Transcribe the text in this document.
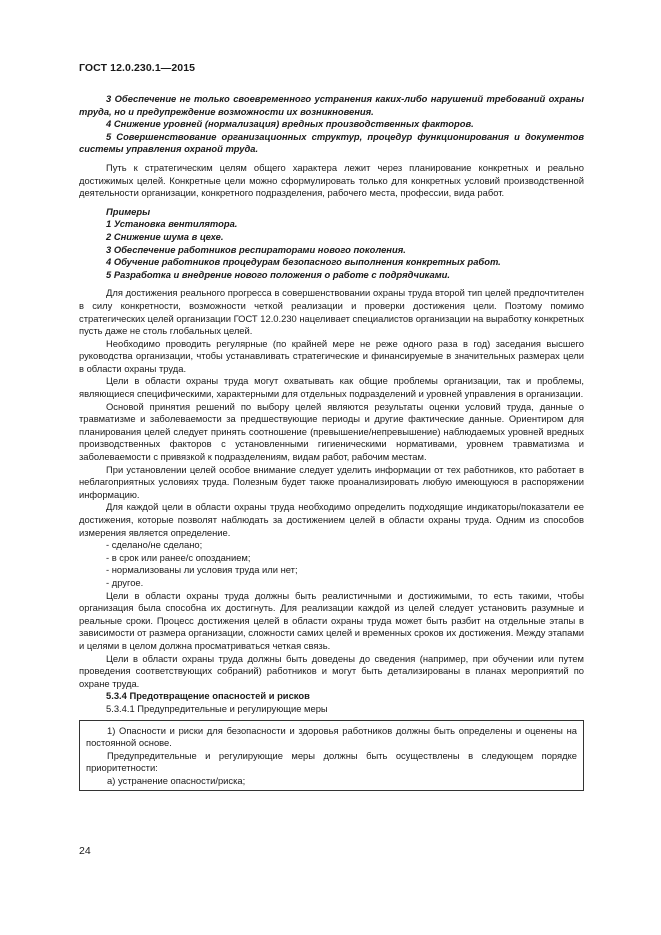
ГОСТ 12.0.230.1—2015

3 Обеспечение не только своевременного устранения каких-либо нарушений требований охраны труда, но и предупреждение возможности их возникновения.

4 Снижение уровней (нормализация) вредных производственных факторов.

5 Совершенствование организационных структур, процедур функционирования и документов системы управления охраной труда.

Путь к стратегическим целям общего характера лежит через планирование конкретных и реально достижимых целей. Конкретные цели можно сформулировать только для конкретных условий производственной деятельности организации, конкретного подразделения, рабочего места, профессии, вида работ.

Примеры

1 Установка вентилятора.

2 Снижение шума в цехе.

3 Обеспечение работников респираторами нового поколения.

4 Обучение работников процедурам безопасного выполнения конкретных работ.

5 Разработка и внедрение нового положения о работе с подрядчиками.

Для достижения реального прогресса в совершенствовании охраны труда второй тип целей предпочтителен в силу конкретности, возможности четкой реализации и проверки достижения цели. Поэтому помимо стратегических целей организации ГОСТ 12.0.230 нацеливает специалистов организации на выработку конкретных пусть даже не столь глобальных целей.

Необходимо проводить регулярные (по крайней мере не реже одного раза в год) заседания высшего руководства организации, чтобы устанавливать стратегические и финансируемые в значительных размерах цели в области охраны труда.

Цели в области охраны труда могут охватывать как общие проблемы организации, так и проблемы, являющиеся специфическими, характерными для отдельных подразделений и уровней управления в организации.

Основой принятия решений по выбору целей являются результаты оценки условий труда, данные о травматизме и заболеваемости за предшествующие периоды и другие фактические данные. Ориентиром для планирования целей следует принять соотношение (превышение/непревышение) наблюдаемых уровней вредных производственных факторов с установленными гигиеническими нормативами, уровнем травматизма и заболеваемости с привязкой к подразделениям, видам работ, рабочим местам.

При установлении целей особое внимание следует уделить информации от тех работников, кто работает в неблагоприятных условиях труда. Полезным будет также проанализировать любую имеющуюся в распоряжении информацию.

Для каждой цели в области охраны труда необходимо определить подходящие индикаторы/показатели ее достижения, которые позволят наблюдать за достижением целей в области охраны труда. Одним из способов измерения является определение.

- сделано/не сделано;

- в срок или ранее/с опозданием;

- нормализованы ли условия труда или нет;

- другое.

Цели в области охраны труда должны быть реалистичными и достижимыми, то есть такими, чтобы организация была способна их достигнуть. Для реализации каждой из целей следует установить разумные и реальные сроки. Процесс достижения целей в области охраны труда может быть разбит на отдельные этапы в зависимости от размера организации, сложности самих целей и временных сроков их достижения. Между этапами и целями в целом должна просматриваться четкая связь.

Цели в области охраны труда должны быть доведены до сведения (например, при обучении или путем проведения соответствующих собраний) работников и могут быть детализированы в планах мероприятий по охране труда.

5.3.4 Предотвращение опасностей и рисков

5.3.4.1 Предупредительные и регулирующие меры

1) Опасности и риски для безопасности и здоровья работников должны быть определены и оценены на постоянной основе.

Предупредительные и регулирующие меры должны быть осуществлены в следующем порядке приоритетности:

а) устранение опасности/риска;

24
